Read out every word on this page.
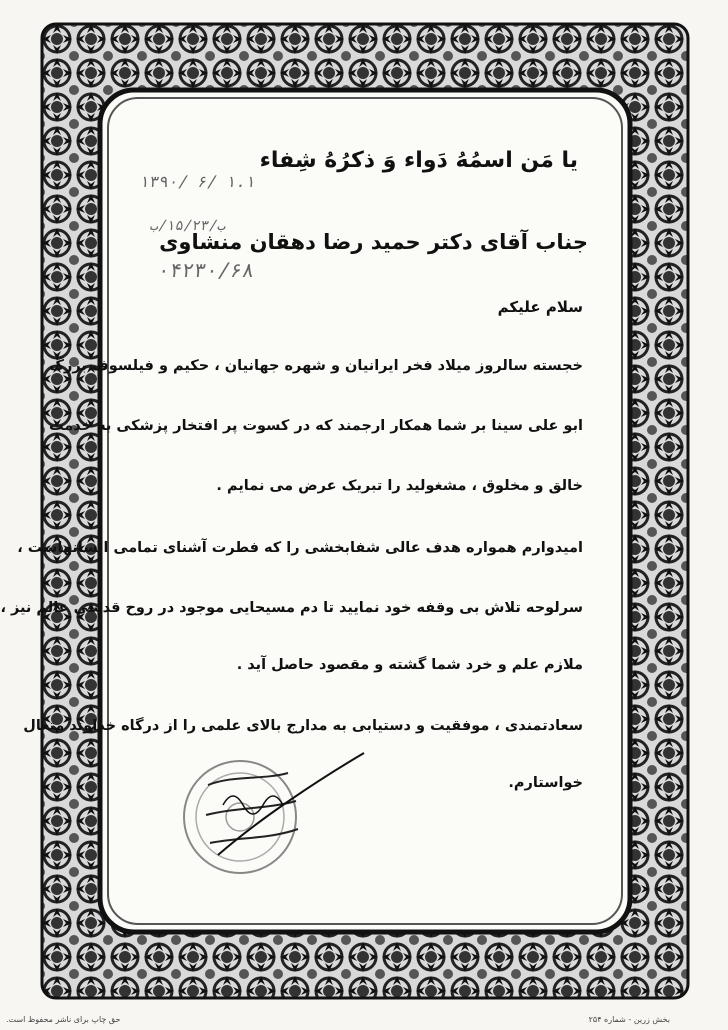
یا مَن اسمُهُ دَواء وَ ذکرُهُ شِفاء
۱۳۹۰/ ۶/ ۱.۱
ب/۱۵/۲۳/ب
۰۴۲۳۰/۶۸
جناب آقای دکتر حمید رضا دهقان منشاوی
سلام علیکم
خجسته سالروز میلاد فخر ایرانیان و شهره جهانیان ، حکیم و فیلسوف بزرگ
ابو علی سینا بر شما همکار ارجمند که در کسوت پر افتخار پزشکی به خدمت
خالق و مخلوق ، مشغولید را تبریک عرض می نمایم .
امیدوارم همواره هدف عالی شفابخشی را که فطرت آشنای تمامی انسانهاست ،
سرلوحه تلاش بی وقفه خود نمایید تا دم مسیحایی موجود در روح قدسی عالم نیز ،
ملازم علم و خرد شما گشته و مقصود حاصل آید .
سعادتمندی ، موفقیت و دستیابی به مدارج بالای علمی را از درگاه خداوند متعال
خواستارم.
حق چاپ برای ناشر محفوظ است.	بخش زرین - شماره ۲۵۴
